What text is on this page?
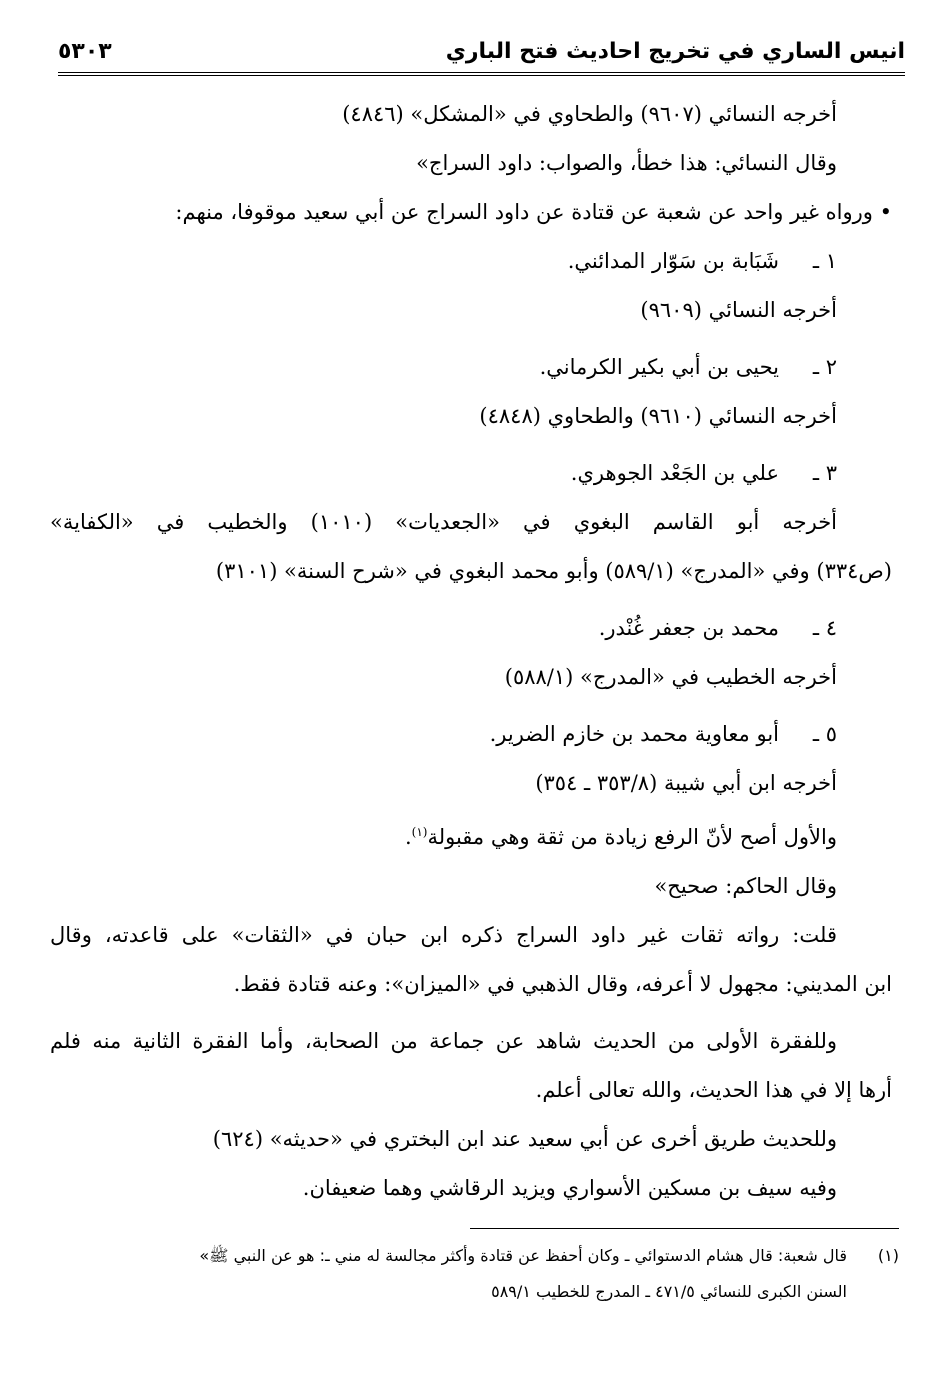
انيس الساري في تخريج احاديث فتح الباري
٥٣٠٣
أخرجه النسائي (٩٦٠٧) والطحاوي في «المشكل» (٤٨٤٦)
وقال النسائي: هذا خطأ، والصواب: داود السراج»
• ورواه غير واحد عن شعبة عن قتادة عن داود السراج عن أبي سعيد موقوفا، منهم:
١ ـشَبَابة بن سَوّار المدائني.
أخرجه النسائي (٩٦٠٩)
٢ ـيحيى بن أبي بكير الكرماني.
أخرجه النسائي (٩٦١٠) والطحاوي (٤٨٤٨)
٣ ـعلي بن الجَعْد الجوهري.
أخرجه أبو القاسم البغوي في «الجعديات» (١٠١٠) والخطيب في «الكفاية»
(ص٣٣٤) وفي «المدرج» (٥٨٩/١) وأبو محمد البغوي في «شرح السنة» (٣١٠١)
٤ ـمحمد بن جعفر غُنْدر.
أخرجه الخطيب في «المدرج» (٥٨٨/١)
٥ ـأبو معاوية محمد بن خازم الضرير.
أخرجه ابن أبي شيبة (٣٥٣/٨ ـ ٣٥٤)
والأول أصح لأنّ الرفع زيادة من ثقة وهي مقبولة$^{(١)}$.
وقال الحاكم: صحيح»
قلت: رواته ثقات غير داود السراج ذكره ابن حبان في «الثقات» على قاعدته، وقال
ابن المديني: مجهول لا أعرفه، وقال الذهبي في «الميزان»: وعنه قتادة فقط.
وللفقرة الأولى من الحديث شاهد عن جماعة من الصحابة، وأما الفقرة الثانية منه فلم
أرها إلا في هذا الحديث، والله تعالى أعلم.
وللحديث طريق أخرى عن أبي سعيد عند ابن البختري في «حديثه» (٦٢٤)
وفيه سيف بن مسكين الأسواري ويزيد الرقاشي وهما ضعيفان.
(١)قال شعبة: قال هشام الدستوائي ـ وكان أحفظ عن قتادة وأكثر مجالسة له مني ـ: هو عن النبي ﷺ»
السنن الكبرى للنسائي ٤٧١/٥ ـ المدرج للخطيب ٥٨٩/١
